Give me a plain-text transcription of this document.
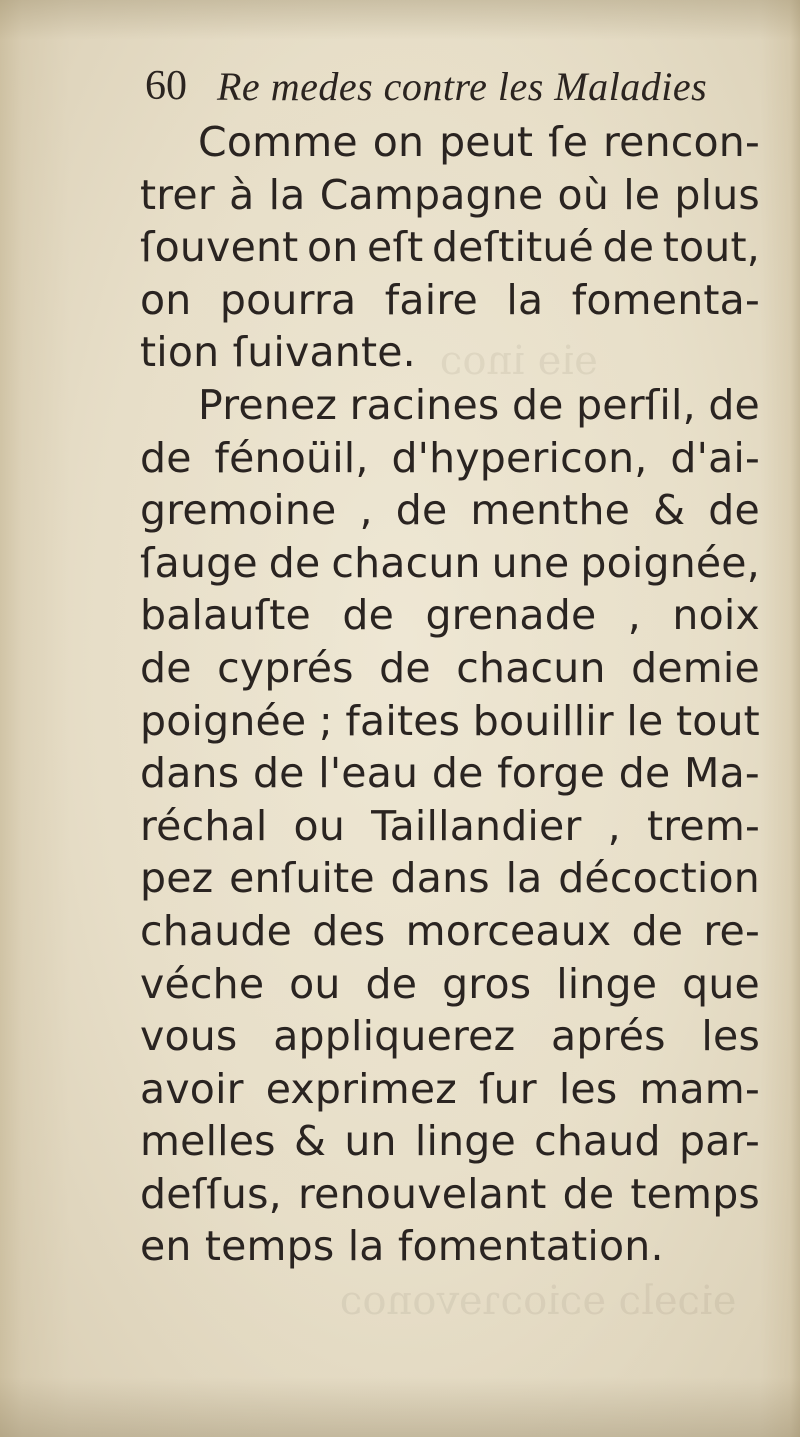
ɘiɘ inoɔ
ɘiɔɘlɔ ɘɔioɔɿɘvonoɔ
60 Re medes contre les Maladies
Comme on peut ſe rencon-
trer à la Campagne où le plus
ſouvent on eſt deſtitué de tout,
on pourra faire la fomenta-
tion ſuivante.
Prenez racines de perſil, de
de fénoüil, d'hypericon, d'ai-
gremoine , de menthe & de
ſauge de chacun une poignée,
balauſte de grenade , noix
de cyprés de chacun demie
poignée ; faites bouillir le tout
dans de l'eau de forge de Ma-
réchal ou Taillandier , trem-
pez enſuite dans la décoction
chaude des morceaux de re-
véche ou de gros linge que
vous appliquerez aprés les
avoir exprimez ſur les mam-
melles & un linge chaud par-
deſſus, renouvelant de temps
en temps la fomentation.
